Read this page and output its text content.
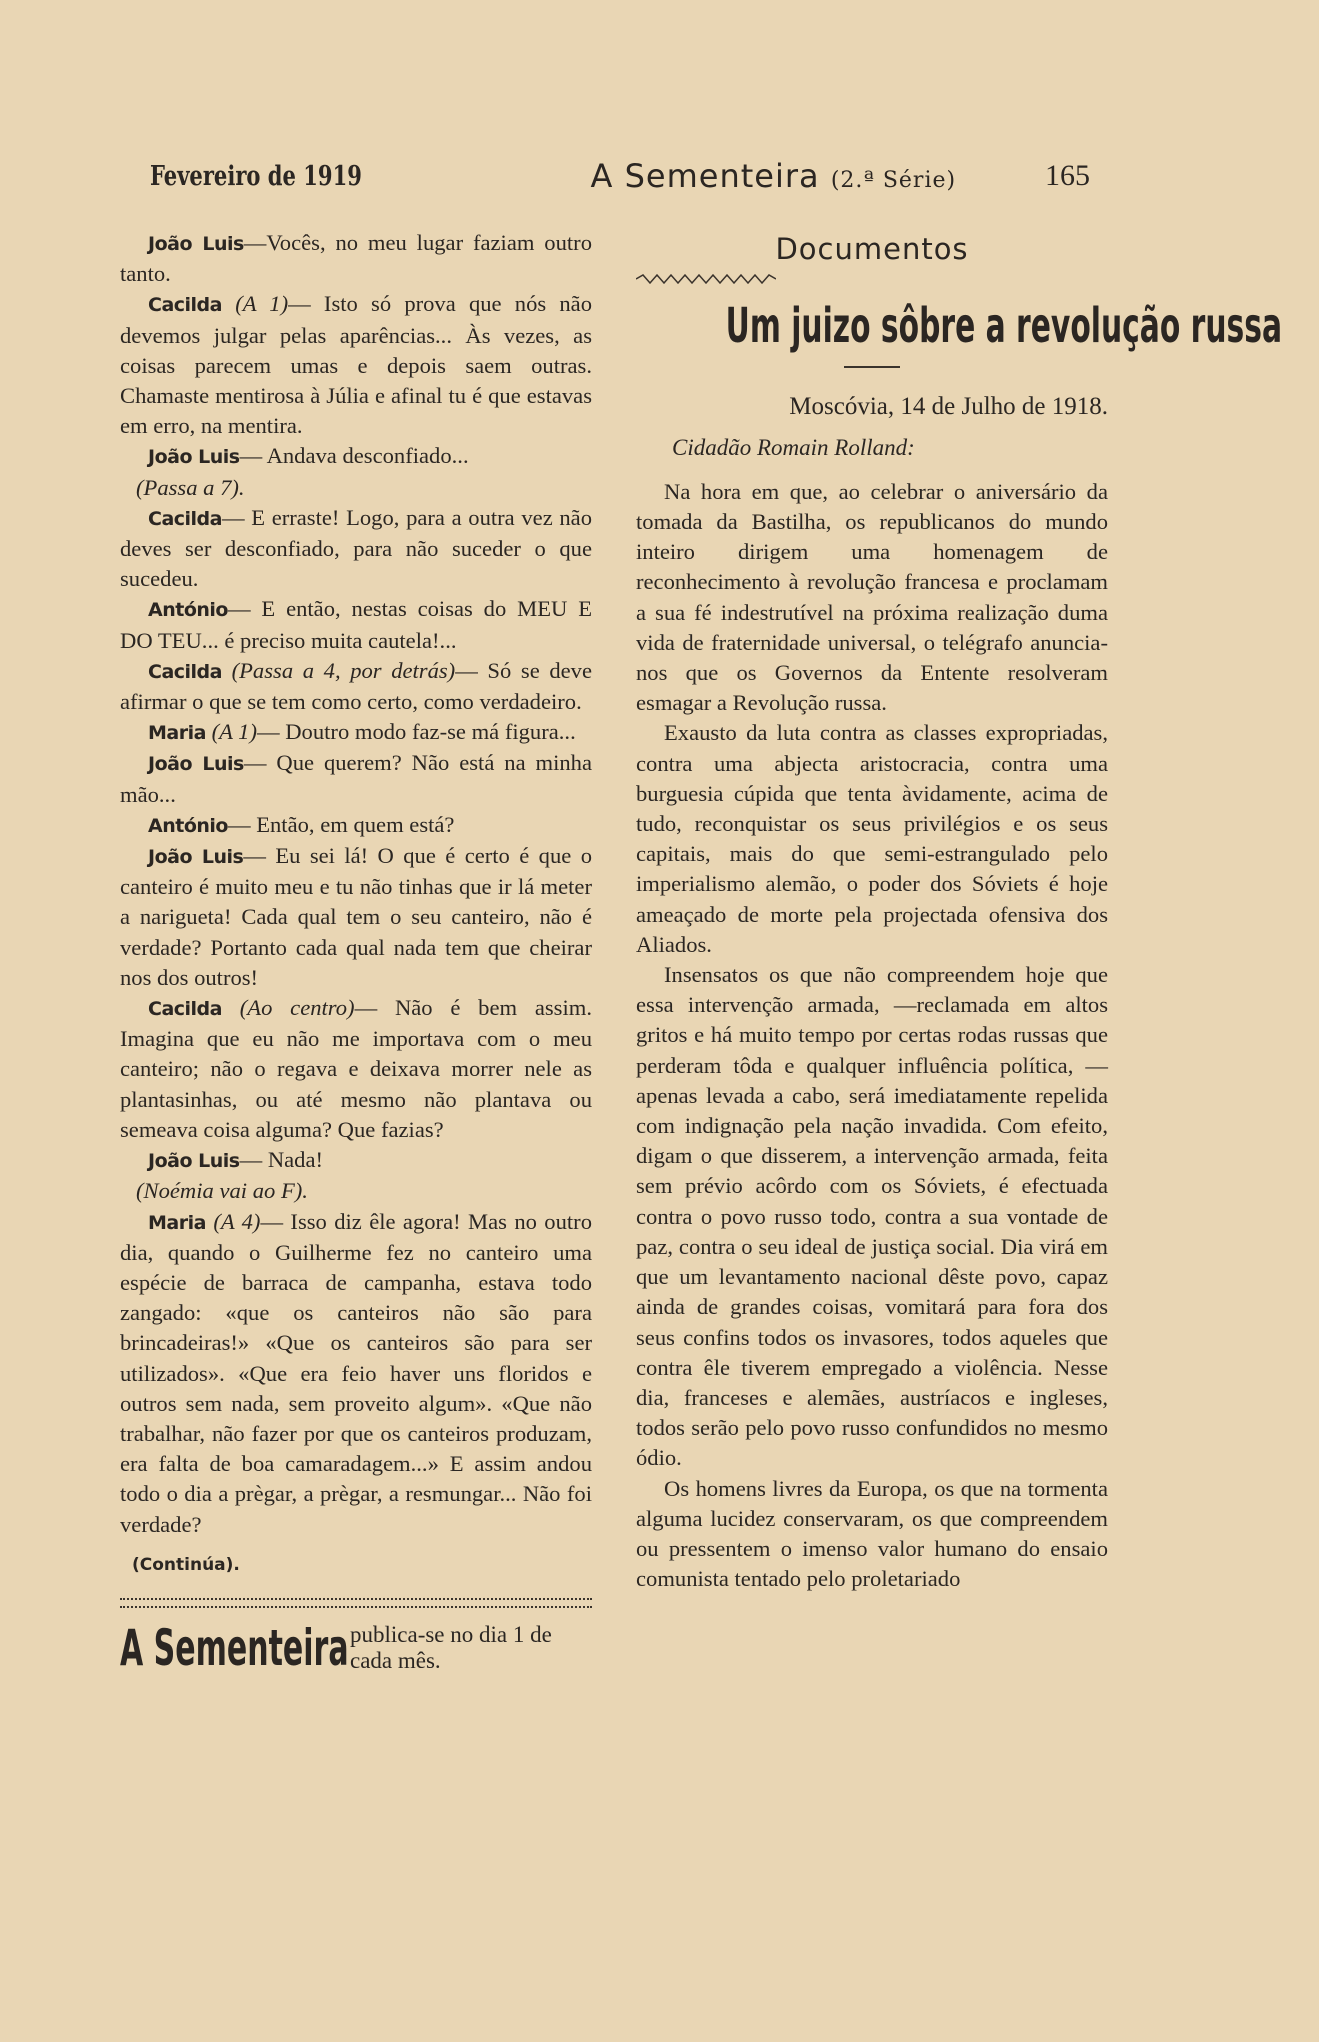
Fevereiro de 1919	A Sementeira (2.ª Série)	165

João Luis—Vocês, no meu lugar faziam outro tanto.

Cacilda (A 1)— Isto só prova que nós não devemos julgar pelas aparências... Às vezes, as coisas parecem umas e depois saem outras. Chamaste mentirosa à Júlia e afinal tu é que estavas em erro, na mentira.

João Luis— Andava desconfiado...

(Passa a 7).

Cacilda— E erraste! Logo, para a outra vez não deves ser desconfiado, para não suceder o que sucedeu.

António— E então, nestas coisas do MEU E DO TEU... é preciso muita cautela!...

Cacilda (Passa a 4, por detrás)— Só se deve afirmar o que se tem como certo, como verdadeiro.

Maria (A 1)— Doutro modo faz-se má figura...

João Luis— Que querem? Não está na minha mão...

António— Então, em quem está?

João Luis— Eu sei lá! O que é certo é que o canteiro é muito meu e tu não tinhas que ir lá meter a narigueta! Cada qual tem o seu canteiro, não é verdade? Portanto cada qual nada tem que cheirar nos dos outros!

Cacilda (Ao centro)— Não é bem assim. Imagina que eu não me importava com o meu canteiro; não o regava e deixava morrer nele as plantasinhas, ou até mesmo não plantava ou semeava coisa alguma? Que fazias?

João Luis— Nada!

(Noémia vai ao F).

Maria (A 4)— Isso diz êle agora! Mas no outro dia, quando o Guilherme fez no canteiro uma espécie de barraca de campanha, estava todo zangado: «que os canteiros não são para brincadeiras!» «Que os canteiros são para ser utilizados». «Que era feio haver uns floridos e outros sem nada, sem proveito algum». «Que não trabalhar, não fazer por que os canteiros produzam, era falta de boa camaradagem...» E assim andou todo o dia a prègar, a prègar, a resmungar... Não foi verdade?

(Continúa).
A Sementeira publica-se no dia 1 de cada mês.
Documentos
Um juizo sôbre a revolução russa
Moscóvia, 14 de Julho de 1918.
Cidadão Romain Rolland:

Na hora em que, ao celebrar o aniversário da tomada da Bastilha, os republicanos do mundo inteiro dirigem uma homenagem de reconhecimento à revolução francesa e proclamam a sua fé indestrutível na próxima realização duma vida de fraternidade universal, o telégrafo anuncia-nos que os Governos da Entente resolveram esmagar a Revolução russa.

Exausto da luta contra as classes expropriadas, contra uma abjecta aristocracia, contra uma burguesia cúpida que tenta àvidamente, acima de tudo, reconquistar os seus privilégios e os seus capitais, mais do que semi-estrangulado pelo imperialismo alemão, o poder dos Sóviets é hoje ameaçado de morte pela projectada ofensiva dos Aliados.

Insensatos os que não compreendem hoje que essa intervenção armada, —reclamada em altos gritos e há muito tempo por certas rodas russas que perderam tôda e qualquer influência política, — apenas levada a cabo, será imediatamente repelida com indignação pela nação invadida. Com efeito, digam o que disserem, a intervenção armada, feita sem prévio acôrdo com os Sóviets, é efectuada contra o povo russo todo, contra a sua vontade de paz, contra o seu ideal de justiça social. Dia virá em que um levantamento nacional dêste povo, capaz ainda de grandes coisas, vomitará para fora dos seus confins todos os invasores, todos aqueles que contra êle tiverem empregado a violência. Nesse dia, franceses e alemães, austríacos e ingleses, todos serão pelo povo russo confundidos no mesmo ódio.

Os homens livres da Europa, os que na tormenta alguma lucidez conservaram, os que compreendem ou pressentem o imenso valor humano do ensaio comunista tentado pelo proletariado
